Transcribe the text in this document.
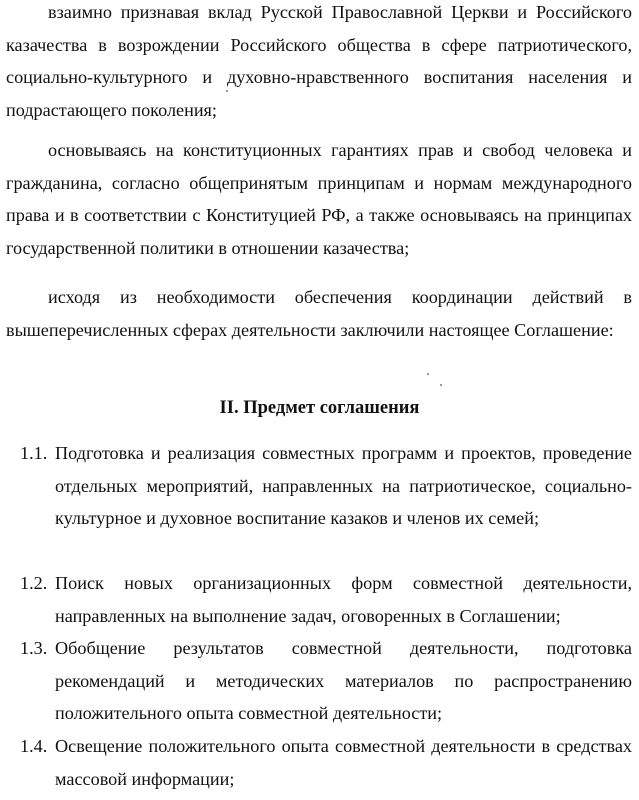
взаимно признавая вклад Русской Православной Церкви и Российского казачества в возрождении Российского общества в сфере патриотического, социально-культурного и духовно-нравственного воспитания населения и подрастающего поколения;

основываясь на конституционных гарантиях прав и свобод человека и гражданина, согласно общепринятым принципам и нормам международного права и в соответствии с Конституцией РФ, а также основываясь на принципах государственной политики в отношении казачества;

исходя из необходимости обеспечения координации действий в вышеперечисленных сферах деятельности заключили настоящее Соглашение:

II. Предмет соглашения
1.1. Подготовка и реализация совместных программ и проектов, проведение отдельных мероприятий, направленных на патриотическое, социально-культурное и духовное воспитание казаков и членов их семей;

1.2. Поиск новых организационных форм совместной деятельности, направленных на выполнение задач, оговоренных в Соглашении;

1.3. Обобщение результатов совместной деятельности, подготовка рекомендаций и методических материалов по распространению положительного опыта совместной деятельности;

1.4. Освещение положительного опыта совместной деятельности в средствах массовой информации;
